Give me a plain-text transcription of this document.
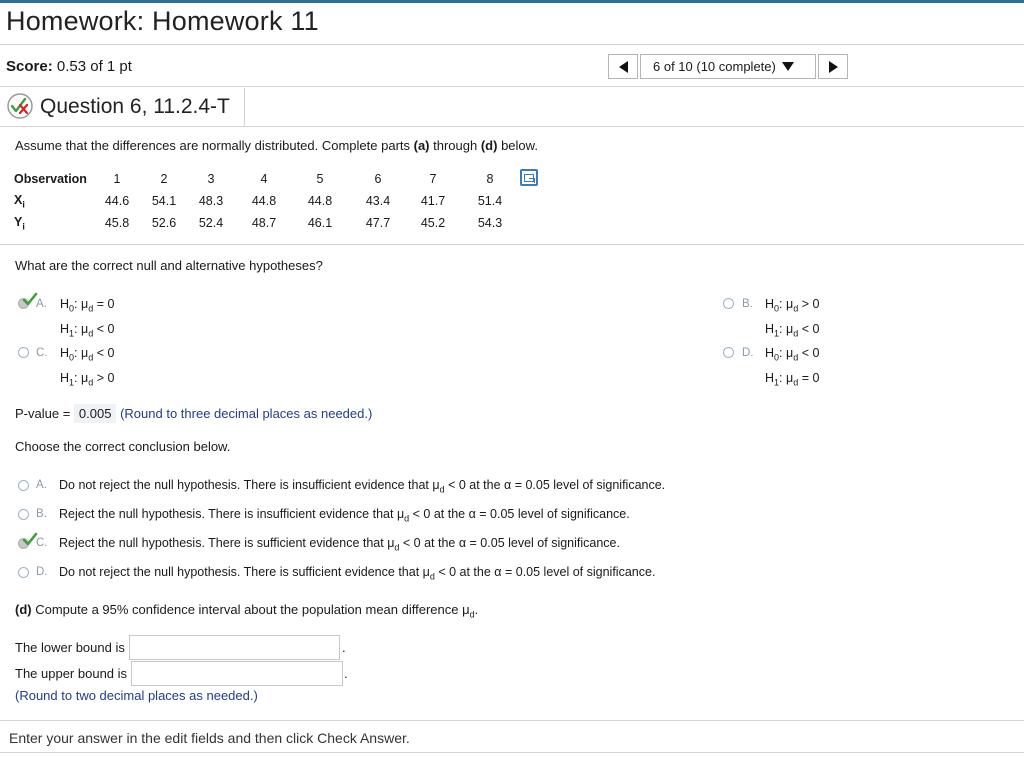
Homework: Homework 11
Score: 0.53 of 1 pt	6 of 10 (10 complete)
Question 6, 11.2.4-T
Assume that the differences are normally distributed. Complete parts (a) through (d) below.
Observation	1	2	3	4	5	6	7	8
$X_i$	44.6	54.1	48.3	44.8	44.8	43.4	41.7	51.4
$Y_i$	45.8	52.6	52.4	48.7	46.1	47.7	45.2	54.3
What are the correct null and alternative hypotheses?
A. $H_0$: $\mu_d = 0$
$H_1$: $\mu_d < 0$
B. $H_0$: $\mu_d > 0$
$H_1$: $\mu_d < 0$
C. $H_0$: $\mu_d < 0$
$H_1$: $\mu_d > 0$
D. $H_0$: $\mu_d < 0$
$H_1$: $\mu_d = 0$
P-value = 0.005 (Round to three decimal places as needed.)
Choose the correct conclusion below.
A. Do not reject the null hypothesis. There is insufficient evidence that $\mu_d < 0$ at the α = 0.05 level of significance.
B. Reject the null hypothesis. There is insufficient evidence that $\mu_d < 0$ at the α = 0.05 level of significance.
C. Reject the null hypothesis. There is sufficient evidence that $\mu_d < 0$ at the α = 0.05 level of significance.
D. Do not reject the null hypothesis. There is sufficient evidence that $\mu_d < 0$ at the α = 0.05 level of significance.
(d) Compute a 95% confidence interval about the population mean difference $\mu_d$.
The lower bound is	.
The upper bound is	.
(Round to two decimal places as needed.)
Enter your answer in the edit fields and then click Check Answer.
